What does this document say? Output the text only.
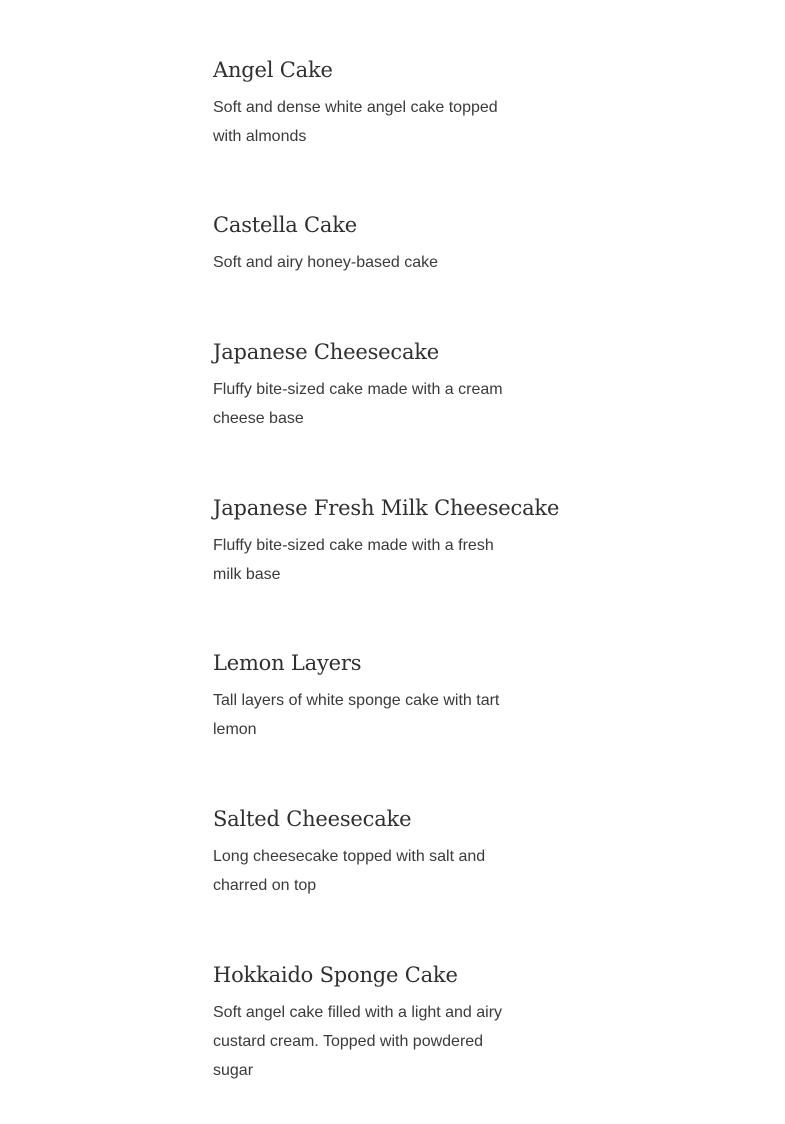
Angel Cake

Soft and dense white angel cake topped with almonds

Castella Cake

Soft and airy honey-based cake

Japanese Cheesecake

Fluffy bite-sized cake made with a cream cheese base

Japanese Fresh Milk Cheesecake

Fluffy bite-sized cake made with a fresh milk base

Lemon Layers

Tall layers of white sponge cake with tart lemon

Salted Cheesecake

Long cheesecake topped with salt and charred on top

Hokkaido Sponge Cake

Soft angel cake filled with a light and airy custard cream. Topped with powdered sugar
